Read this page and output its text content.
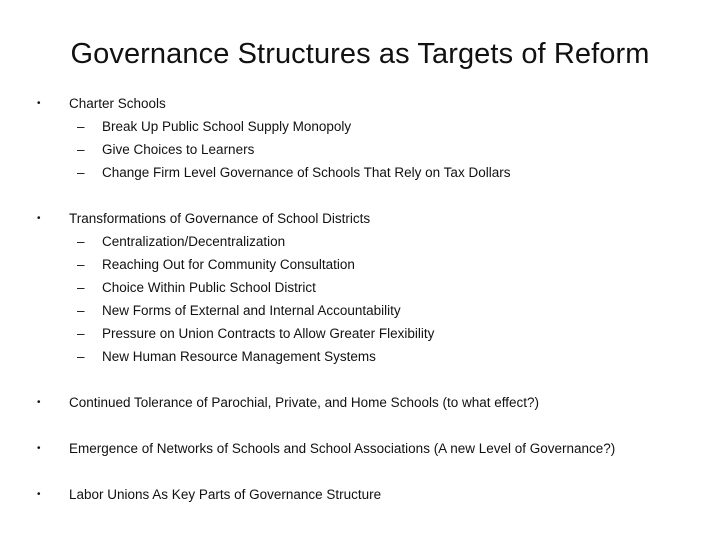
Governance Structures as Targets of Reform
• Charter Schools
– Break Up Public School Supply Monopoly
– Give Choices to Learners
– Change Firm Level Governance of Schools That Rely on Tax Dollars
• Transformations of Governance of School Districts
– Centralization/Decentralization
– Reaching Out for Community Consultation
– Choice Within Public School District
– New Forms of External and Internal Accountability
– Pressure on Union Contracts to Allow Greater Flexibility
– New Human Resource Management Systems
• Continued Tolerance of Parochial, Private, and Home Schools (to what effect?)
• Emergence of Networks of Schools and School Associations (A new Level of Governance?)
• Labor Unions As Key Parts of Governance Structure
